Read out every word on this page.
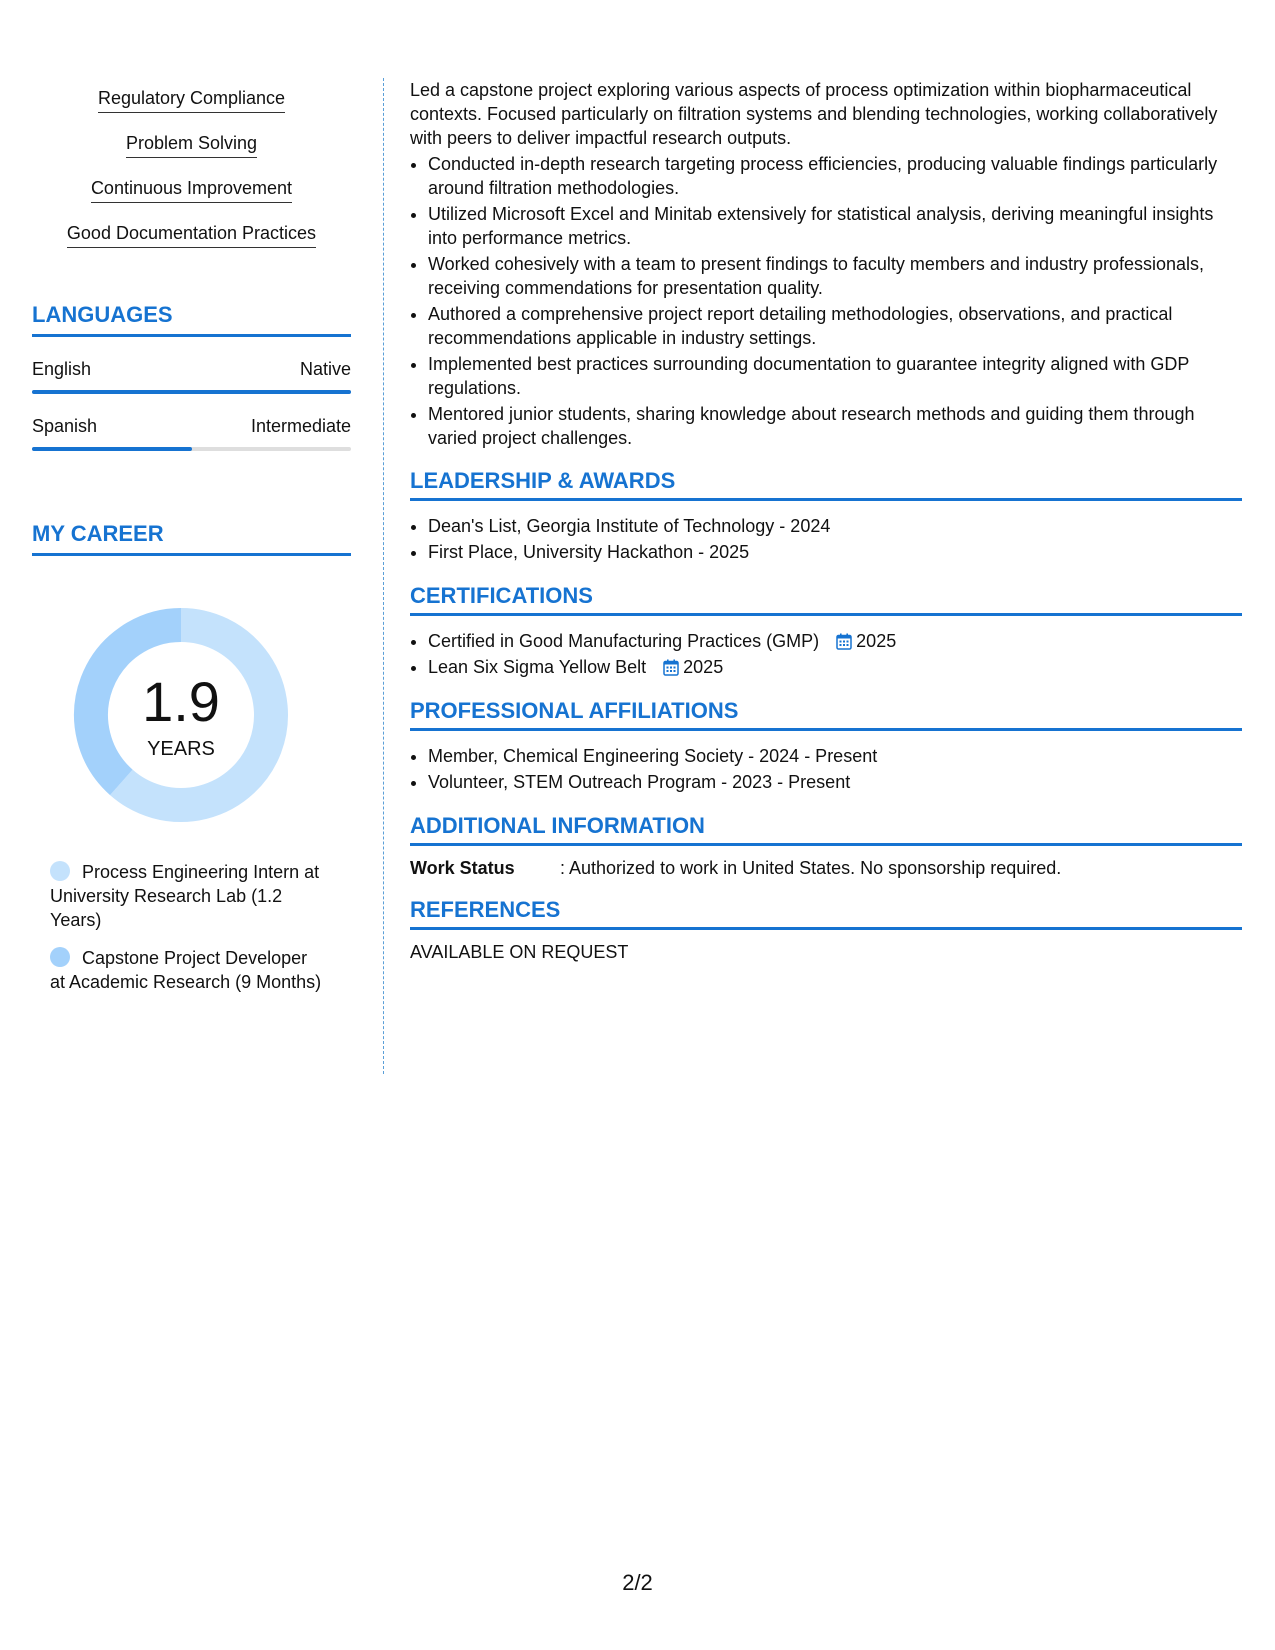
Regulatory Compliance
Problem Solving
Continuous Improvement
Good Documentation Practices
LANGUAGES
English	Native
Spanish	Intermediate
MY CAREER
1.9
YEARS
Process Engineering Intern at University Research Lab (1.2 Years)
Capstone Project Developer at Academic Research (9 Months)

Led a capstone project exploring various aspects of process optimization within biopharmaceutical contexts. Focused particularly on filtration systems and blending technologies, working collaboratively with peers to deliver impactful research outputs.

• Conducted in-depth research targeting process efficiencies, producing valuable findings particularly around filtration methodologies.
• Utilized Microsoft Excel and Minitab extensively for statistical analysis, deriving meaningful insights into performance metrics.
• Worked cohesively with a team to present findings to faculty members and industry professionals, receiving commendations for presentation quality.
• Authored a comprehensive project report detailing methodologies, observations, and practical recommendations applicable in industry settings.
• Implemented best practices surrounding documentation to guarantee integrity aligned with GDP regulations.
• Mentored junior students, sharing knowledge about research methods and guiding them through varied project challenges.
LEADERSHIP & AWARDS
• Dean's List, Georgia Institute of Technology - 2024
• First Place, University Hackathon - 2025
CERTIFICATIONS
• Certified in Good Manufacturing Practices (GMP) 2025
• Lean Six Sigma Yellow Belt 2025
PROFESSIONAL AFFILIATIONS
• Member, Chemical Engineering Society - 2024 - Present
• Volunteer, STEM Outreach Program - 2023 - Present
ADDITIONAL INFORMATION
Work Status	: Authorized to work in United States. No sponsorship required.
REFERENCES
AVAILABLE ON REQUEST
2/2
